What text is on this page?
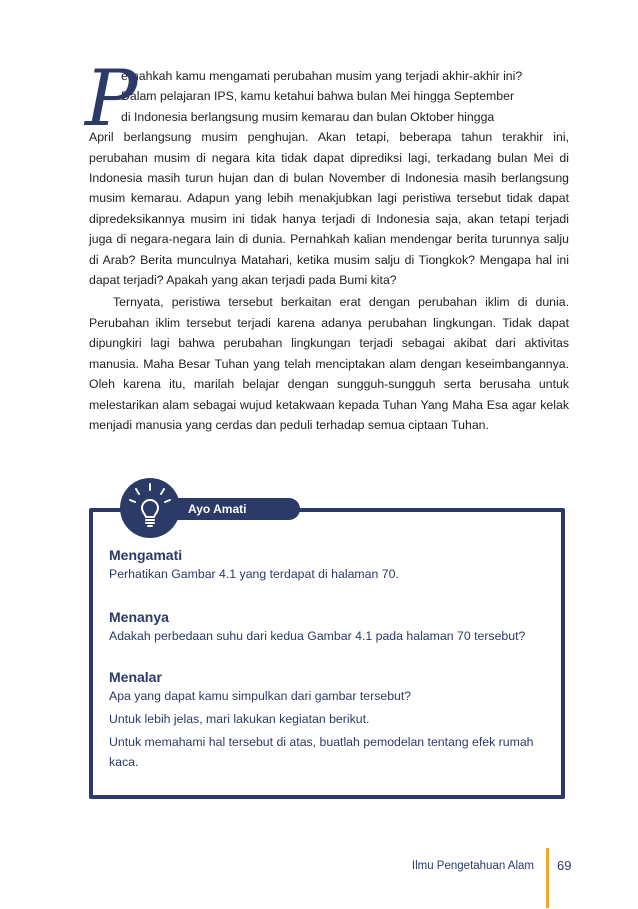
P
ernahkah kamu mengamati perubahan musim yang terjadi akhir-akhir ini?
Dalam pelajaran IPS, kamu ketahui bahwa bulan Mei hingga September
di Indonesia berlangsung musim kemarau dan bulan Oktober hingga
April berlangsung musim penghujan. Akan tetapi, beberapa tahun terakhir ini, perubahan musim di negara kita tidak dapat diprediksi lagi, terkadang bulan Mei di Indonesia masih turun hujan dan di bulan November di Indonesia masih berlangsung musim kemarau. Adapun yang lebih menakjubkan lagi peristiwa tersebut tidak dapat dipredeksikannya musim ini tidak hanya terjadi di Indonesia saja, akan tetapi terjadi juga di negara-negara lain di dunia. Pernahkah kalian mendengar berita turunnya salju di Arab? Berita munculnya Matahari, ketika musim salju di Tiongkok? Mengapa hal ini dapat terjadi? Apakah yang akan terjadi pada Bumi kita?

Ternyata, peristiwa tersebut berkaitan erat dengan perubahan iklim di dunia. Perubahan iklim tersebut terjadi karena adanya perubahan lingkungan. Tidak dapat dipungkiri lagi bahwa perubahan lingkungan terjadi sebagai akibat dari aktivitas manusia. Maha Besar Tuhan yang telah menciptakan alam dengan keseimbangannya. Oleh karena itu, marilah belajar dengan sungguh-sungguh serta berusaha untuk melestarikan alam sebagai wujud ketakwaan kepada Tuhan Yang Maha Esa agar kelak menjadi manusia yang cerdas dan peduli terhadap semua ciptaan Tuhan.

Ayo Amati
Mengamati
Perhatikan Gambar 4.1 yang terdapat di halaman 70.
Menanya
Adakah perbedaan suhu dari kedua Gambar 4.1 pada halaman 70 tersebut?
Menalar
Apa yang dapat kamu simpulkan dari gambar tersebut?
Untuk lebih jelas, mari lakukan kegiatan berikut.
Untuk memahami hal tersebut di atas, buatlah pemodelan tentang efek rumah kaca.
Ilmu Pengetahuan Alam 69
